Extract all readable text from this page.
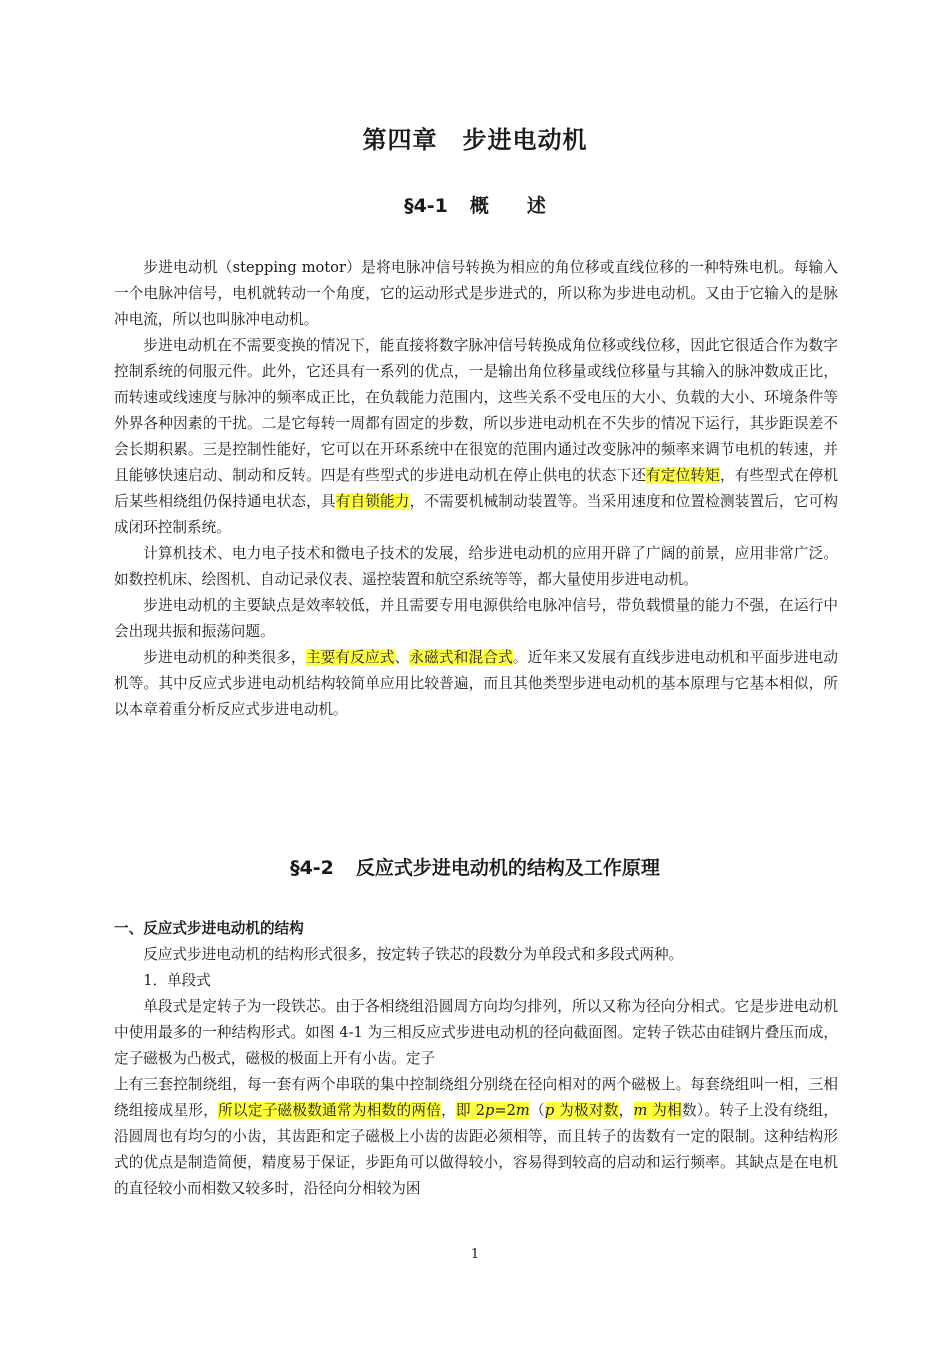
第四章　步进电动机
§4-1 概　　述

步进电动机（stepping motor）是将电脉冲信号转换为相应的角位移或直线位移的一种特殊电机。每输入一个电脉冲信号，电机就转动一个角度，它的运动形式是步进式的，所以称为步进电动机。又由于它输入的是脉冲电流，所以也叫脉冲电动机。

步进电动机在不需要变换的情况下，能直接将数字脉冲信号转换成角位移或线位移，因此它很适合作为数字控制系统的伺服元件。此外，它还具有一系列的优点，一是输出角位移量或线位移量与其输入的脉冲数成正比，而转速或线速度与脉冲的频率成正比，在负载能力范围内，这些关系不受电压的大小、负载的大小、环境条件等外界各种因素的干扰。二是它每转一周都有固定的步数，所以步进电动机在不失步的情况下运行，其步距误差不会长期积累。三是控制性能好，它可以在开环系统中在很宽的范围内通过改变脉冲的频率来调节电机的转速，并且能够快速启动、制动和反转。四是有些型式的步进电动机在停止供电的状态下还有定位转矩，有些型式在停机后某些相绕组仍保持通电状态，具有自锁能力，不需要机械制动装置等。当采用速度和位置检测装置后，它可构成闭环控制系统。

计算机技术、电力电子技术和微电子技术的发展，给步进电动机的应用开辟了广阔的前景，应用非常广泛。如数控机床、绘图机、自动记录仪表、遥控装置和航空系统等等，都大量使用步进电动机。

步进电动机的主要缺点是效率较低，并且需要专用电源供给电脉冲信号，带负载惯量的能力不强，在运行中会出现共振和振荡问题。

步进电动机的种类很多，主要有反应式、永磁式和混合式。近年来又发展有直线步进电动机和平面步进电动机等。其中反应式步进电动机结构较简单应用比较普遍，而且其他类型步进电动机的基本原理与它基本相似，所以本章着重分析反应式步进电动机。

§4-2 反应式步进电动机的结构及工作原理
一、反应式步进电动机的结构

反应式步进电动机的结构形式很多，按定转子铁芯的段数分为单段式和多段式两种。

1．单段式

单段式是定转子为一段铁芯。由于各相绕组沿圆周方向均匀排列，所以又称为径向分相式。它是步进电动机中使用最多的一种结构形式。如图 4-1 为三相反应式步进电动机的径向截面图。定转子铁芯由硅钢片叠压而成，定子磁极为凸极式，磁极的极面上开有小齿。定子

上有三套控制绕组，每一套有两个串联的集中控制绕组分别绕在径向相对的两个磁极上。每套绕组叫一相，三相绕组接成星形，所以定子磁极数通常为相数的两倍，即 2p=2m（p 为极对数，m 为相数）。转子上没有绕组，沿圆周也有均匀的小齿，其齿距和定子磁极上小齿的齿距必须相等，而且转子的齿数有一定的限制。这种结构形式的优点是制造简便，精度易于保证，步距角可以做得较小，容易得到较高的启动和运行频率。其缺点是在电机的直径较小而相数又较多时，沿径向分相较为困

1
